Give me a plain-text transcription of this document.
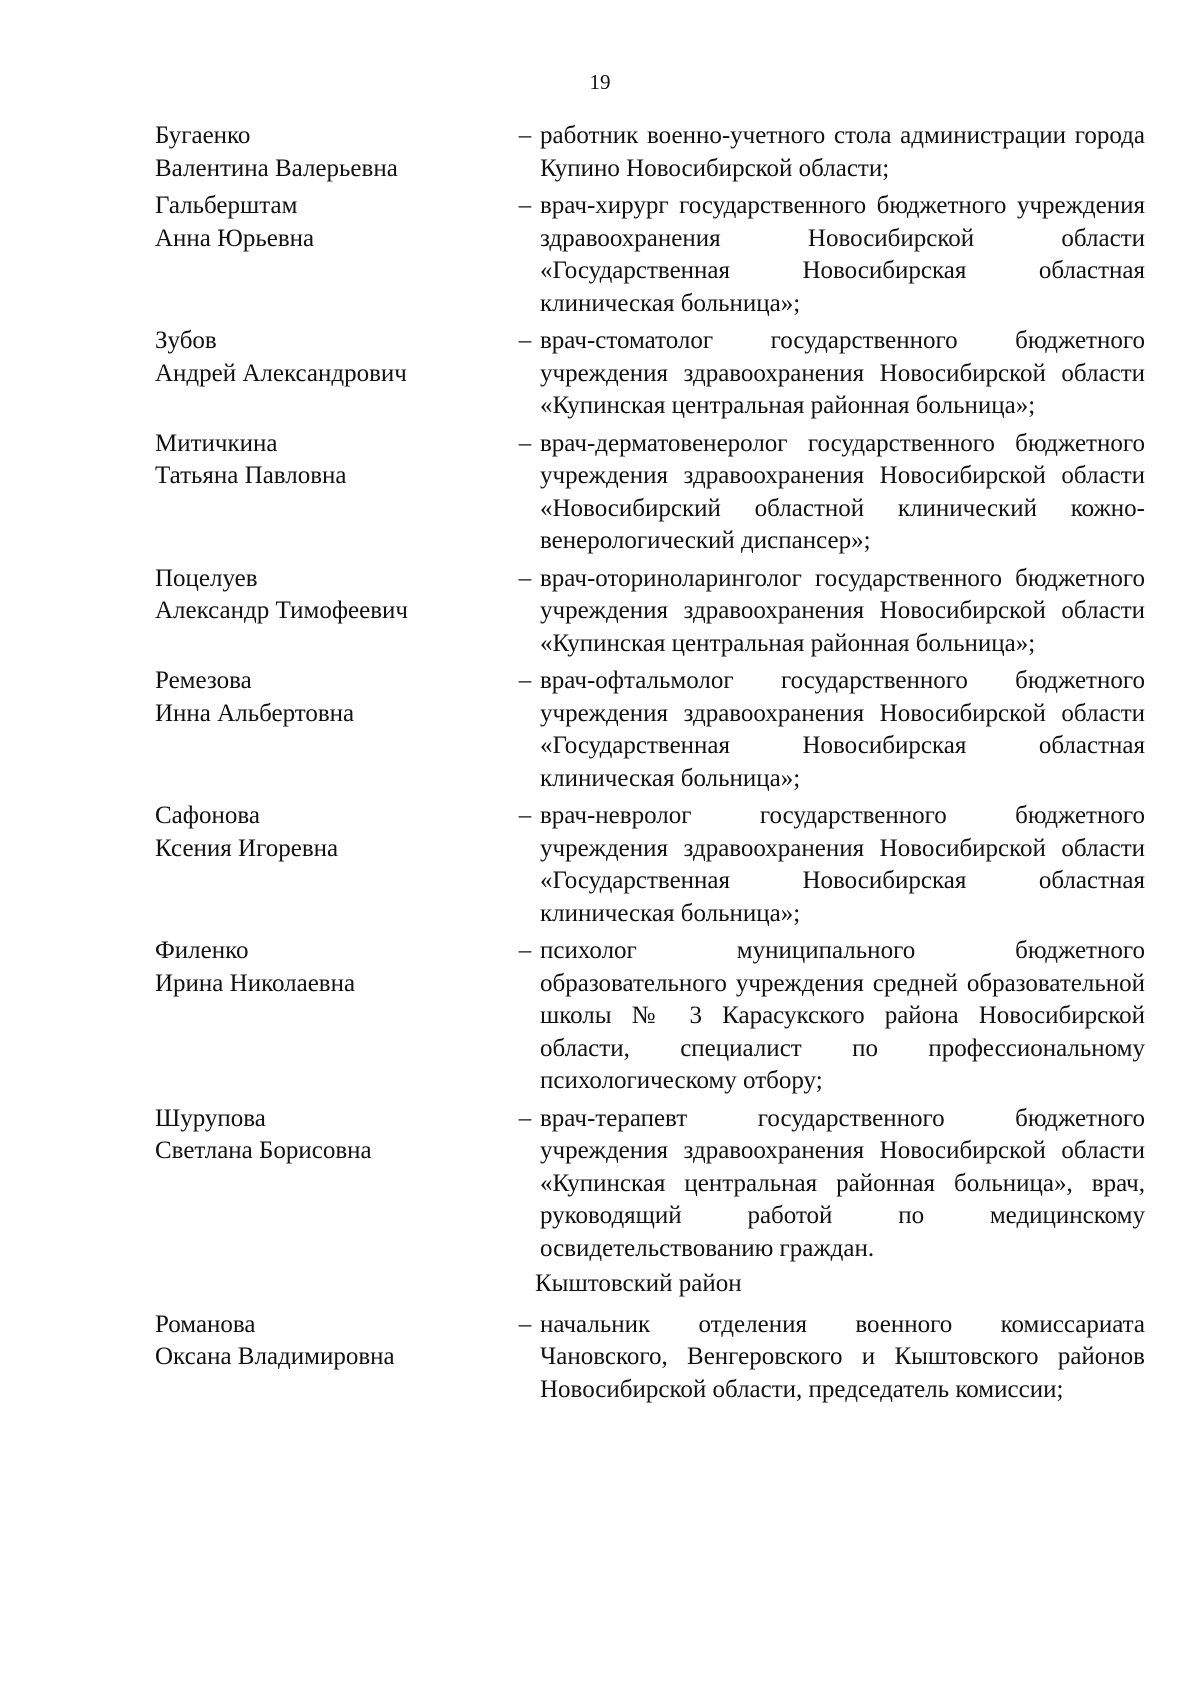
19
Бугаенко
Валентина Валерьевна
– работник военно-учетного стола администрации города Купино Новосибирской области;
Гальберштам
Анна Юрьевна
– врач-хирург государственного бюджетного учреждения здравоохранения Новосибирской области «Государственная Новосибирская областная клиническая больница»;
Зубов
Андрей Александрович
– врач-стоматолог государственного бюджетного учреждения здравоохранения Новосибирской области «Купинская центральная районная больница»;
Митичкина
Татьяна Павловна
– врач-дерматовенеролог государственного бюджетного учреждения здравоохранения Новосибирской области «Новосибирский областной клинический кожно-венерологический диспансер»;
Поцелуев
Александр Тимофеевич
– врач-оториноларинголог государственного бюджетного учреждения здравоохранения Новосибирской области «Купинская центральная районная больница»;
Ремезова
Инна Альбертовна
– врач-офтальмолог государственного бюджетного учреждения здравоохранения Новосибирской области «Государственная Новосибирская областная клиническая больница»;
Сафонова
Ксения Игоревна
– врач-невролог государственного бюджетного учреждения здравоохранения Новосибирской области «Государственная Новосибирская областная клиническая больница»;
Филенко
Ирина Николаевна
– психолог муниципального бюджетного образовательного учреждения средней образовательной школы № 3 Карасукского района Новосибирской области, специалист по профессиональному психологическому отбору;
Шурупова
Светлана Борисовна
– врач-терапевт государственного бюджетного учреждения здравоохранения Новосибирской области «Купинская центральная районная больница», врач, руководящий работой по медицинскому освидетельствованию граждан.
Кыштовский район
Романова
Оксана Владимировна
– начальник отделения военного комиссариата Чановского, Венгеровского и Кыштовского районов Новосибирской области, председатель комиссии;
